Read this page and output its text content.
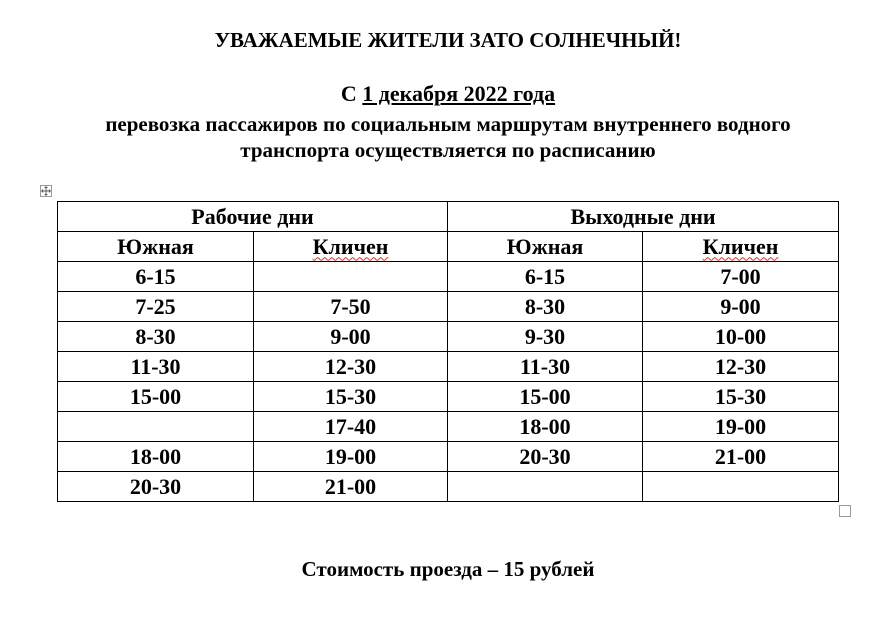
УВАЖАЕМЫЕ ЖИТЕЛИ ЗАТО СОЛНЕЧНЫЙ!
С 1 декабря 2022 года
перевозка пассажиров по социальным маршрутам внутреннего водного
транспорта осуществляется по расписанию
Рабочие дни		Выходные дни	
Южная	Кличен	Южная	Кличен
6-15		6-15	7-00
7-25	7-50	8-30	9-00
8-30	9-00	9-30	10-00
11-30	12-30	11-30	12-30
15-00	15-30	15-00	15-30
	17-40	18-00	19-00
18-00	19-00	20-30	21-00
20-30	21-00		
Стоимость проезда – 15 рублей
